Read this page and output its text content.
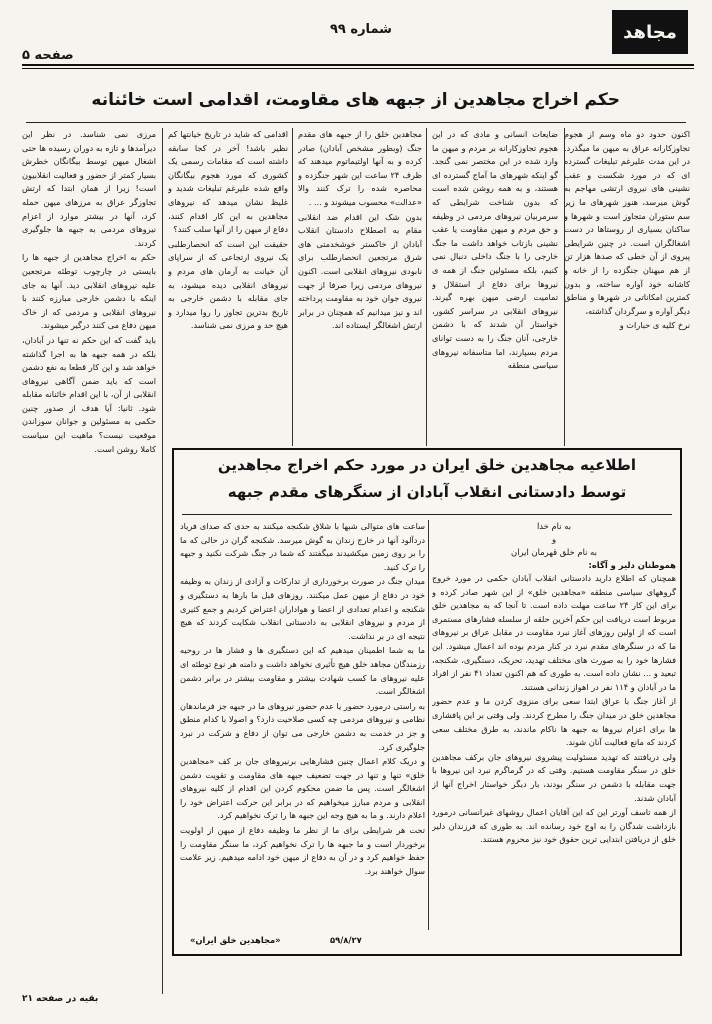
مجاهد
شماره ۹۹
صفحه ۵
حکم اخراج مجاهدین از جبهه های مقاومت، اقدامی است خائنانه

اکنون حدود دو ماه وسم از هجوم تجاوزکارانه عراق به میهن ما میگذرد. در این مدت علیرغم تبلیغات گسترده ای که در مورد شکست و عقب نشینی های نیروی ارتشی مهاجم به گوش میرسد، هنوز شهرهای ما زیر سم ستوران متجاوز است و شهرها و ساکنان بسیاری از روستاها در دست اشغالگران است. در چنین شرایطی پیروی از آن خطی که صدها هزار تن از هم میهنان جنگزده را از خانه و کاشانه خود آواره ساخته، و بدون کمترین امکاناتی در شهرها و مناطق دیگر آواره و سرگردان گذاشته،

نرخ کلیه ی حبارات و

ضایعات انسانی و مادی که در این هجوم تجاوزکارانه بر مردم و میهن ما وارد شده در این مختصر نمی گنجد. گو اینکه شهرهای ما آماج گسترده ای هستند، و به همه روشن شده است که بدون شناخت شرایطی که سرمربیان نیروهای مردمی در وظیفه و حق مردم و میهن مقاومت یا عقب نشینی بازتاب خواهد داشت ما جنگ خارجی را با جنگ داخلی دنبال نمی کنیم، بلکه مسئولین جنگ از همه ی نیروها برای دفاع از استقلال و تمامیت ارضی میهن بهره گیرند. نیروهای انقلابی در سراسر کشور، خواستار آن شدند که با دشمن خارجی، آنان جنگ را به دست توانای مردم بسپارند، اما متاسفانه نیروهای سیاسی منطقه

مجاهدین خلق را از جبهه های مقدم جنگ (وبطور مشخص آبادان) صادر کرده و به آنها اولتیماتوم میدهند که ظرف ۲۴ ساعت این شهر جنگزده و محاصره شده را ترک کنند والا «عدالت» محسوب میشوند و ... .

بدون شک این اقدام ضد انقلابی مقام به اصطلاح دادستان انقلاب آبادان از خاکستر خوشخدمتی های شرق مرتجعین انحصارطلب برای نابودی نیروهای انقلابی است. اکنون نیروهای مردمی زیرا صرفا از جهت نیروی جوان خود به مقاومت پرداخته اند و نیز میدانیم که همچنان در برابر ارتش اشغالگر ایستاده اند.

اقدامی که شاید در تاریخ خیانتها کم نظیر باشد! آخر در کجا سابقه داشته است که مقامات رسمی یک کشوری که مورد هجوم بیگانگان واقع شده علیرغم تبلیغات شدید و غلیظ نشان میدهد که نیروهای مجاهدین به این کار اقدام کنند، دفاع از میهن را از آنها سلب کنند؟

حقیقت این است که انحصارطلبی یک نیروی ارتجاعی که از سراپای آن خیانت به آرمان های مردم و نیروهای انقلابی دیده میشود، به جای مقابله با دشمن خارجی به تاریخ بدترین تجاوز را روا میدارد و هیچ حد و مرزی نمی شناسد.

مرزی نمی شناسد. در نظر این دیرآمدها و تازه به دوران رسیده ها حتی اشغال میهن توسط بیگانگان خطرش بسیار کمتر از حضور و فعالیت انقلابیون است! زیرا از همان ابتدا که ارتش تجاوزگر عراق به مرزهای میهن حمله کرد، آنها در بیشتر موارد از اعزام نیروهای مردمی به جبهه ها جلوگیری کردند.

حکم به اخراج مجاهدین از جبهه ها را بایستی در چارچوب توطئه مرتجعین علیه نیروهای انقلابی دید. آنها به جای اینکه با دشمن خارجی مبارزه کنند با نیروهای انقلابی و مردمی که از خاک میهن دفاع می کنند درگیر میشوند.

باید گفت که این حکم نه تنها در آبادان، بلکه در همه جبهه ها به اجرا گذاشته خواهد شد و این کار قطعا به نفع دشمن است که باید ضمن آگاهی نیروهای انقلابی از آن، با این اقدام خائنانه مقابله شود. ثانیا: آیا هدف از صدور چنین حکمی به مسئولین و جوانان سوزاندن موقعیت نیست؟ ماهیت این سیاست کاملا روشن است.

بقیه در صفحه ۲۱
اطلاعیه مجاهدین خلق ایران در مورد حکم اخراج مجاهدین
توسط دادستانی انقلاب آبادان از سنگرهای مقدم جبهه
به نام خدا
و
به نام خلق قهرمان ایران
هموطنان دلیر و آگاه:

همچنان که اطلاع دارید دادستانی انقلاب آبادان حکمی در مورد خروج گروههای سیاسی منطقه «مجاهدین خلق» از این شهر صادر کرده و برای این کار ۲۴ ساعت مهلت داده است. تا آنجا که به مجاهدین خلق مربوط است دریافت این حکم آخرین حلقه از سلسله فشارهای مستمری است که از اولین روزهای آغاز نبرد مقاومت در مقابل عراق بر نیروهای ما که در سنگرهای مقدم نبرد در کنار مردم بوده اند اعمال میشود. این فشارها خود را به صورت های مختلف تهدید، تحریک، دستگیری، شکنجه، تبعید و ... نشان داده است. به طوری که هم اکنون تعداد ۴۱ نفر از افراد ما در آبادان و ۱۱۴ نفر در اهواز زندانی هستند.

از آغاز جنگ با عراق ابتدا سعی برای منزوی کردن ما و عدم حضور مجاهدین خلق در میدان جنگ را مطرح کردند. ولی وقتی بر این پافشاری ها برای اعزام نیروها به جبهه ها ناکام ماندند، به طرق مختلف سعی کردند که مانع فعالیت آنان شوند.

ولی دریافتند که تهدید مسئولیت پیشروی نیروهای جان برکف مجاهدین خلق در سنگر مقاومت هستیم. وقتی که در گرماگرم نبرد این نیروها با جهت مقابله با دشمن در سنگر بودند، بار دیگر خواستار اخراج آنها از آبادان شدند.

از همه تاسف آورتر این که این آقایان اعمال روشهای غیرانسانی درمورد بازداشت شدگان را به اوج خود رسانده اند. به طوری که فرزندان دلیر خلق از دریافتن ابتدایی ترین حقوق خود نیز محروم هستند.

ساعت های متوالی شبها با شلاق شکنجه میکنند به حدی که صدای فریاد دردآلود آنها در خارج زندان به گوش میرسد. شکنجه گران در حالی که ما را بر روی زمین میکشیدند میگفتند که شما در جنگ شرکت نکنید و جبهه را ترک کنید.

میدان جنگ در صورت برخورداری از تدارکات و آزادی از زندان به وظیفه خود در دفاع از میهن عمل میکنند. روزهای قبل ما بارها به دستگیری و شکنجه و اعدام تعدادی از اعضا و هواداران اعتراض کردیم و جمع کثیری از مردم و نیروهای انقلابی به دادستانی انقلاب شکایت کردند که هیچ نتیجه ای در بر نداشت.

ما به شما اطمینان میدهیم که این دستگیری ها و فشار ها در روحیه رزمندگان مجاهد خلق هیچ تأثیری نخواهد داشت و دامنه هر نوع توطئه ای علیه نیروهای ما کسب شهادت بیشتر و مقاومت بیشتر در برابر دشمن اشغالگر است.

به راستی درمورد حضور یا عدم حضور نیروهای ما در جبهه جز فرماندهان نظامی و نیروهای مردمی چه کسی صلاحیت دارد؟ و اصولا با کدام منطق و جز در خدمت به دشمن خارجی می توان از دفاع و شرکت در نبرد جلوگیری کرد.

و دریک کلام اعمال چنین فشارهایی برنیروهای جان بر کف «مجاهدین خلق» تنها و تنها در جهت تضعیف جبهه های مقاومت و تقویت دشمن اشغالگر است. پس ما ضمن محکوم کردن این اقدام از کلیه نیروهای انقلابی و مردم مبارز میخواهیم که در برابر این حرکت اعتراض خود را اعلام دارند. و ما به هیچ وجه این جبهه ها را ترک نخواهیم کرد.

تحت هر شرایطی برای ما از نظر ما وظیفه دفاع از میهن از اولویت برخوردار است و ما جبهه ها را ترک نخواهیم کرد، ما سنگر مقاومت را حفظ خواهیم کرد و در آن به دفاع از میهن خود ادامه میدهیم. زیر علامت سوال خواهند برد.

«مجاهدین خلق ایران»	۵۹/۸/۲۷
